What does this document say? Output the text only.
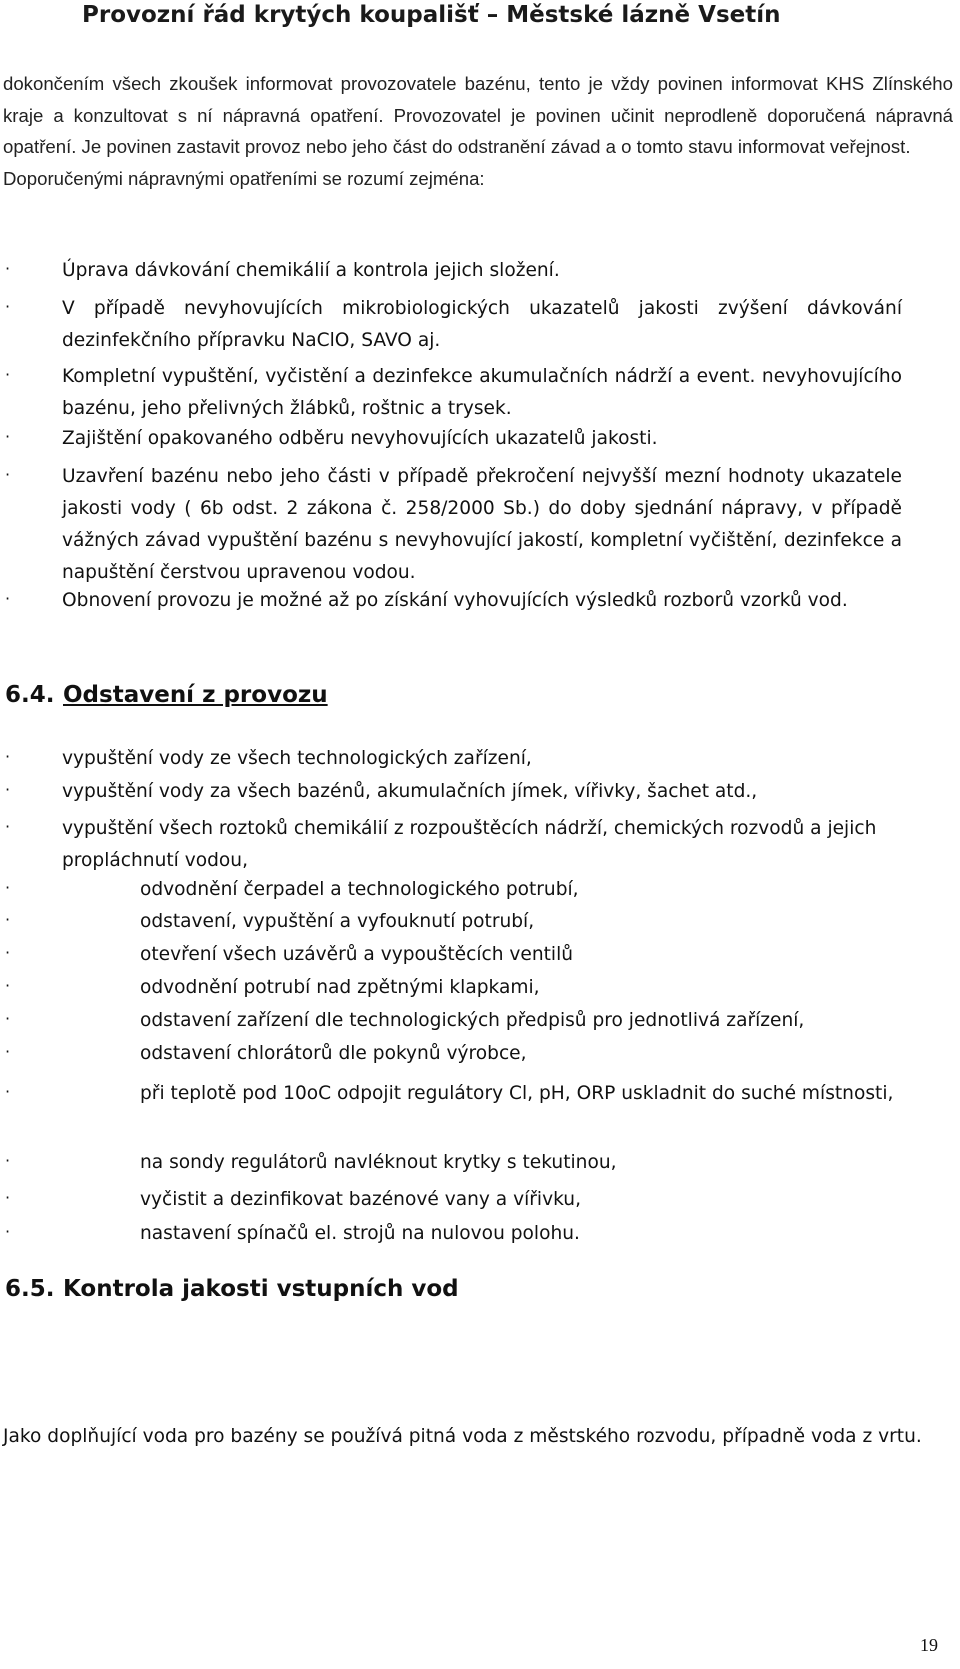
Provozní řád krytých koupališť – Městské lázně Vsetín

dokončením všech zkoušek informovat provozovatele bazénu, tento je vždy povinen informovat KHS Zlínského kraje a konzultovat s ní nápravná opatření. Provozovatel je povinen učinit neprodleně doporučená nápravná opatření. Je povinen zastavit provoz nebo jeho část do odstranění závad a o tomto stavu informovat veřejnost.

Doporučenými nápravnými opatřeními se rozumí zejména:

·	Úprava dávkování chemikálií a kontrola jejich složení.
·	V případě nevyhovujících mikrobiologických ukazatelů jakosti zvýšení dávkování dezinfekčního přípravku NaClO, SAVO aj.
·	Kompletní vypuštění, vyčistění a dezinfekce akumulačních nádrží a event. nevyhovujícího bazénu, jeho přelivných žlábků, roštnic a trysek.
·	Zajištění opakovaného odběru nevyhovujících ukazatelů jakosti.
·	Uzavření bazénu nebo jeho části v případě překročení nejvyšší mezní hodnoty ukazatele jakosti vody ( 6b odst. 2 zákona č. 258/2000 Sb.) do doby sjednání nápravy, v případě vážných závad vypuštění bazénu s nevyhovující jakostí, kompletní vyčištění, dezinfekce a napuštění čerstvou upravenou vodou.
·	Obnovení provozu je možné až po získání vyhovujících výsledků rozborů vzorků vod.
6.4. Odstavení z provozu
·	vypuštění vody ze všech technologických zařízení,
·	vypuštění vody za všech bazénů, akumulačních jímek, vířivky, šachet atd.,
·	vypuštění všech roztoků chemikálií z rozpouštěcích nádrží, chemických rozvodů a jejich propláchnutí vodou,
·	odvodnění čerpadel a technologického potrubí,
·	odstavení, vypuštění a vyfouknutí potrubí,
·	otevření všech uzávěrů a vypouštěcích ventilů
·	odvodnění potrubí nad zpětnými klapkami,
·	odstavení zařízení dle technologických předpisů pro jednotlivá zařízení,
·	odstavení chlorátorů dle pokynů výrobce,
·	při teplotě pod 10oC odpojit regulátory Cl, pH, ORP uskladnit do suché místnosti,
·	na sondy regulátorů navléknout krytky s tekutinou,
·	vyčistit a dezinfikovat bazénové vany a vířivku,
·	nastavení spínačů el. strojů na nulovou polohu.
6.5. Kontrola jakosti vstupních vod
Jako doplňující voda pro bazény se používá pitná voda z městského rozvodu, případně voda z vrtu.
19
